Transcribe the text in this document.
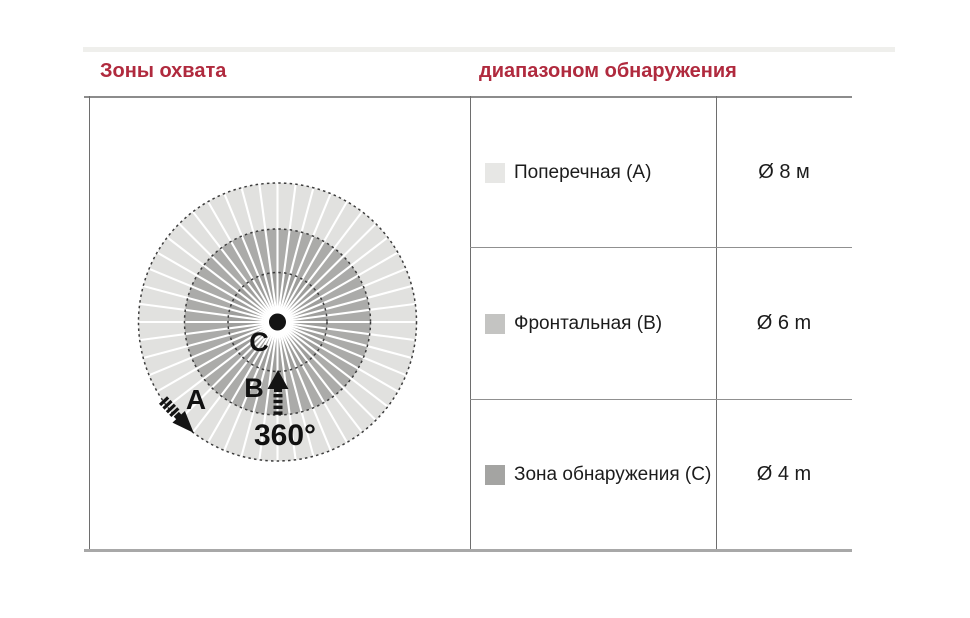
Зоны охвата	диапазоном обнаружения
Поперечная (А)	Ø 8 м
Фронтальная (В)	Ø 6 m
Зона обнаружения (С) Ø 4 m
A B
C
360°
